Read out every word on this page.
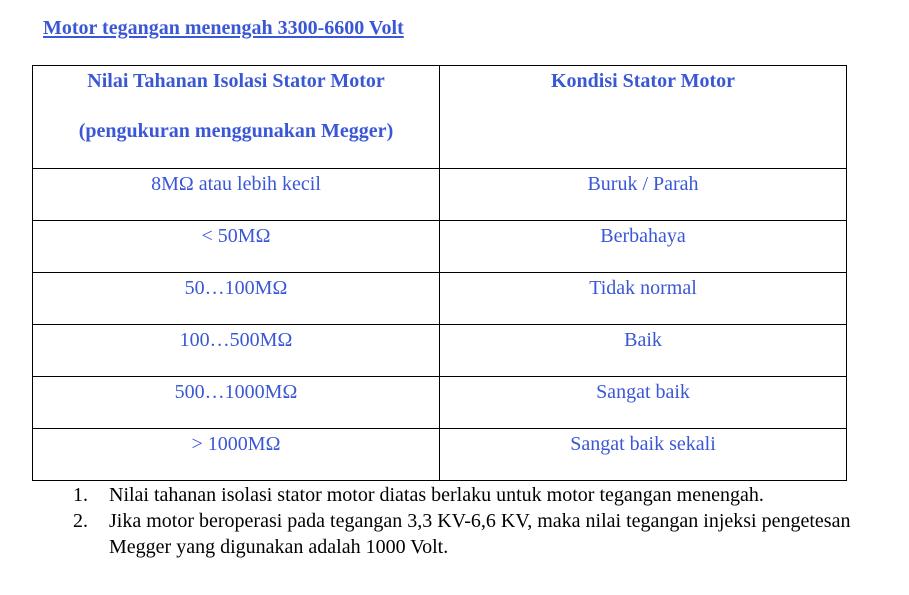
Motor tegangan menengah 3300-6600 Volt
Nilai Tahanan Isolasi Stator Motor
(pengukuran menggunakan Megger)	Kondisi Stator Motor

8MΩ atau lebih kecil	Buruk / Parah

< 50MΩ	Berbahaya

50…100MΩ	Tidak normal

100…500MΩ	Baik

500…1000MΩ	Sangat baik

> 1000MΩ	Sangat baik sekali
1. Nilai tahanan isolasi stator motor diatas berlaku untuk motor tegangan menengah.
2. Jika motor beroperasi pada tegangan 3,3 KV-6,6 KV, maka nilai tegangan injeksi pengetesan Megger yang digunakan adalah 1000 Volt.
